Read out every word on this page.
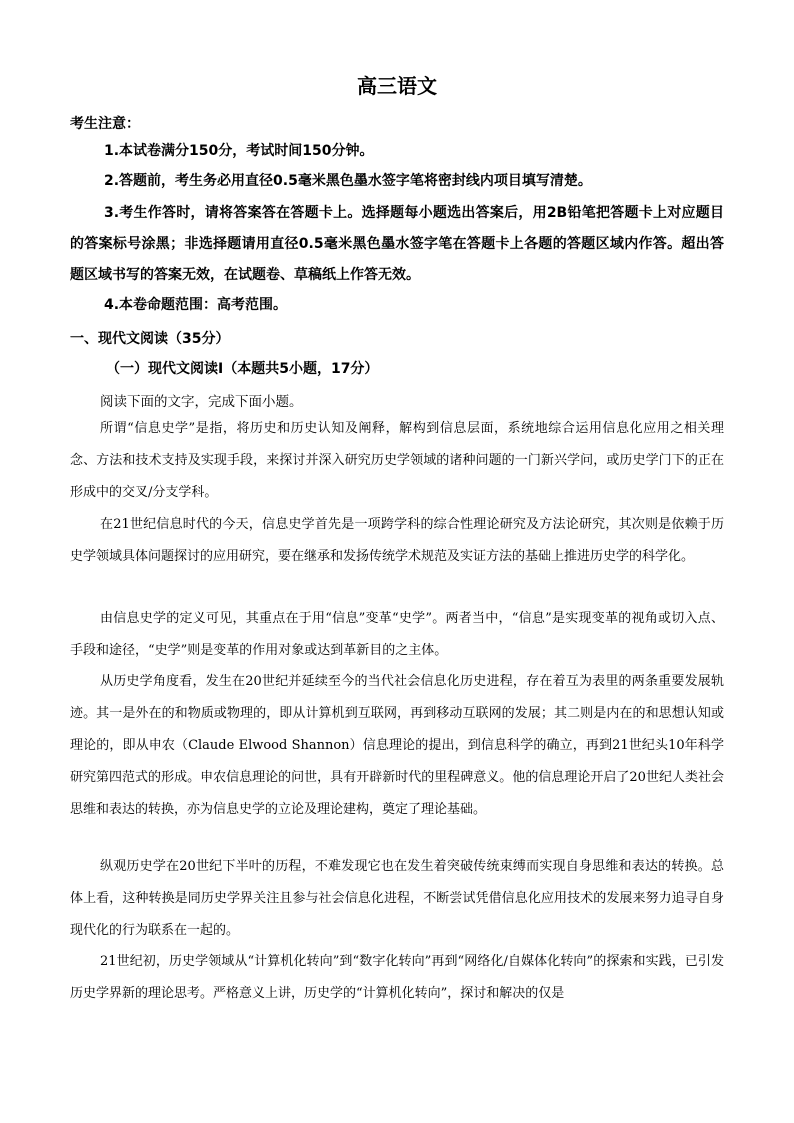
高三语文
考生注意：

1.本试卷满分150分，考试时间150分钟。

2.答题前，考生务必用直径0.5毫米黑色墨水签字笔将密封线内项目填写清楚。

3.考生作答时，请将答案答在答题卡上。选择题每小题选出答案后，用2B铅笔把答题卡上对应题目的答案标号涂黑；非选择题请用直径0.5毫米黑色墨水签字笔在答题卡上各题的答题区域内作答。超出答题区域书写的答案无效，在试题卷、草稿纸上作答无效。

4.本卷命题范围：高考范围。

一、现代文阅读（35分）
（一）现代文阅读Ⅰ（本题共5小题，17分）
阅读下面的文字，完成下面小题。

所谓“信息史学”是指，将历史和历史认知及阐释，解构到信息层面，系统地综合运用信息化应用之相关理念、方法和技术支持及实现手段，来探讨并深入研究历史学领域的诸种问题的一门新兴学问，或历史学门下的正在形成中的交叉/分支学科。

在21世纪信息时代的今天，信息史学首先是一项跨学科的综合性理论研究及方法论研究，其次则是依赖于历史学领域具体问题探讨的应用研究，要在继承和发扬传统学术规范及实证方法的基础上推进历史学的科学化。

由信息史学的定义可见，其重点在于用“信息”变革“史学”。两者当中，“信息”是实现变革的视角或切入点、手段和途径，“史学”则是变革的作用对象或达到革新目的之主体。

从历史学角度看，发生在20世纪并延续至今的当代社会信息化历史进程，存在着互为表里的两条重要发展轨迹。其一是外在的和物质或物理的，即从计算机到互联网，再到移动互联网的发展；其二则是内在的和思想认知或理论的，即从申农（Claude Elwood Shannon）信息理论的提出，到信息科学的确立，再到21世纪头10年科学研究第四范式的形成。申农信息理论的问世，具有开辟新时代的里程碑意义。他的信息理论开启了20世纪人类社会思维和表达的转换，亦为信息史学的立论及理论建构，奠定了理论基础。

纵观历史学在20世纪下半叶的历程，不难发现它也在发生着突破传统束缚而实现自身思维和表达的转换。总体上看，这种转换是同历史学界关注且参与社会信息化进程，不断尝试凭借信息化应用技术的发展来努力追寻自身现代化的行为联系在一起的。

21世纪初，历史学领域从“计算机化转向”到“数字化转向”再到“网络化/自媒体化转向”的探索和实践，已引发历史学界新的理论思考。严格意义上讲，历史学的“计算机化转向”，探讨和解决的仅是
